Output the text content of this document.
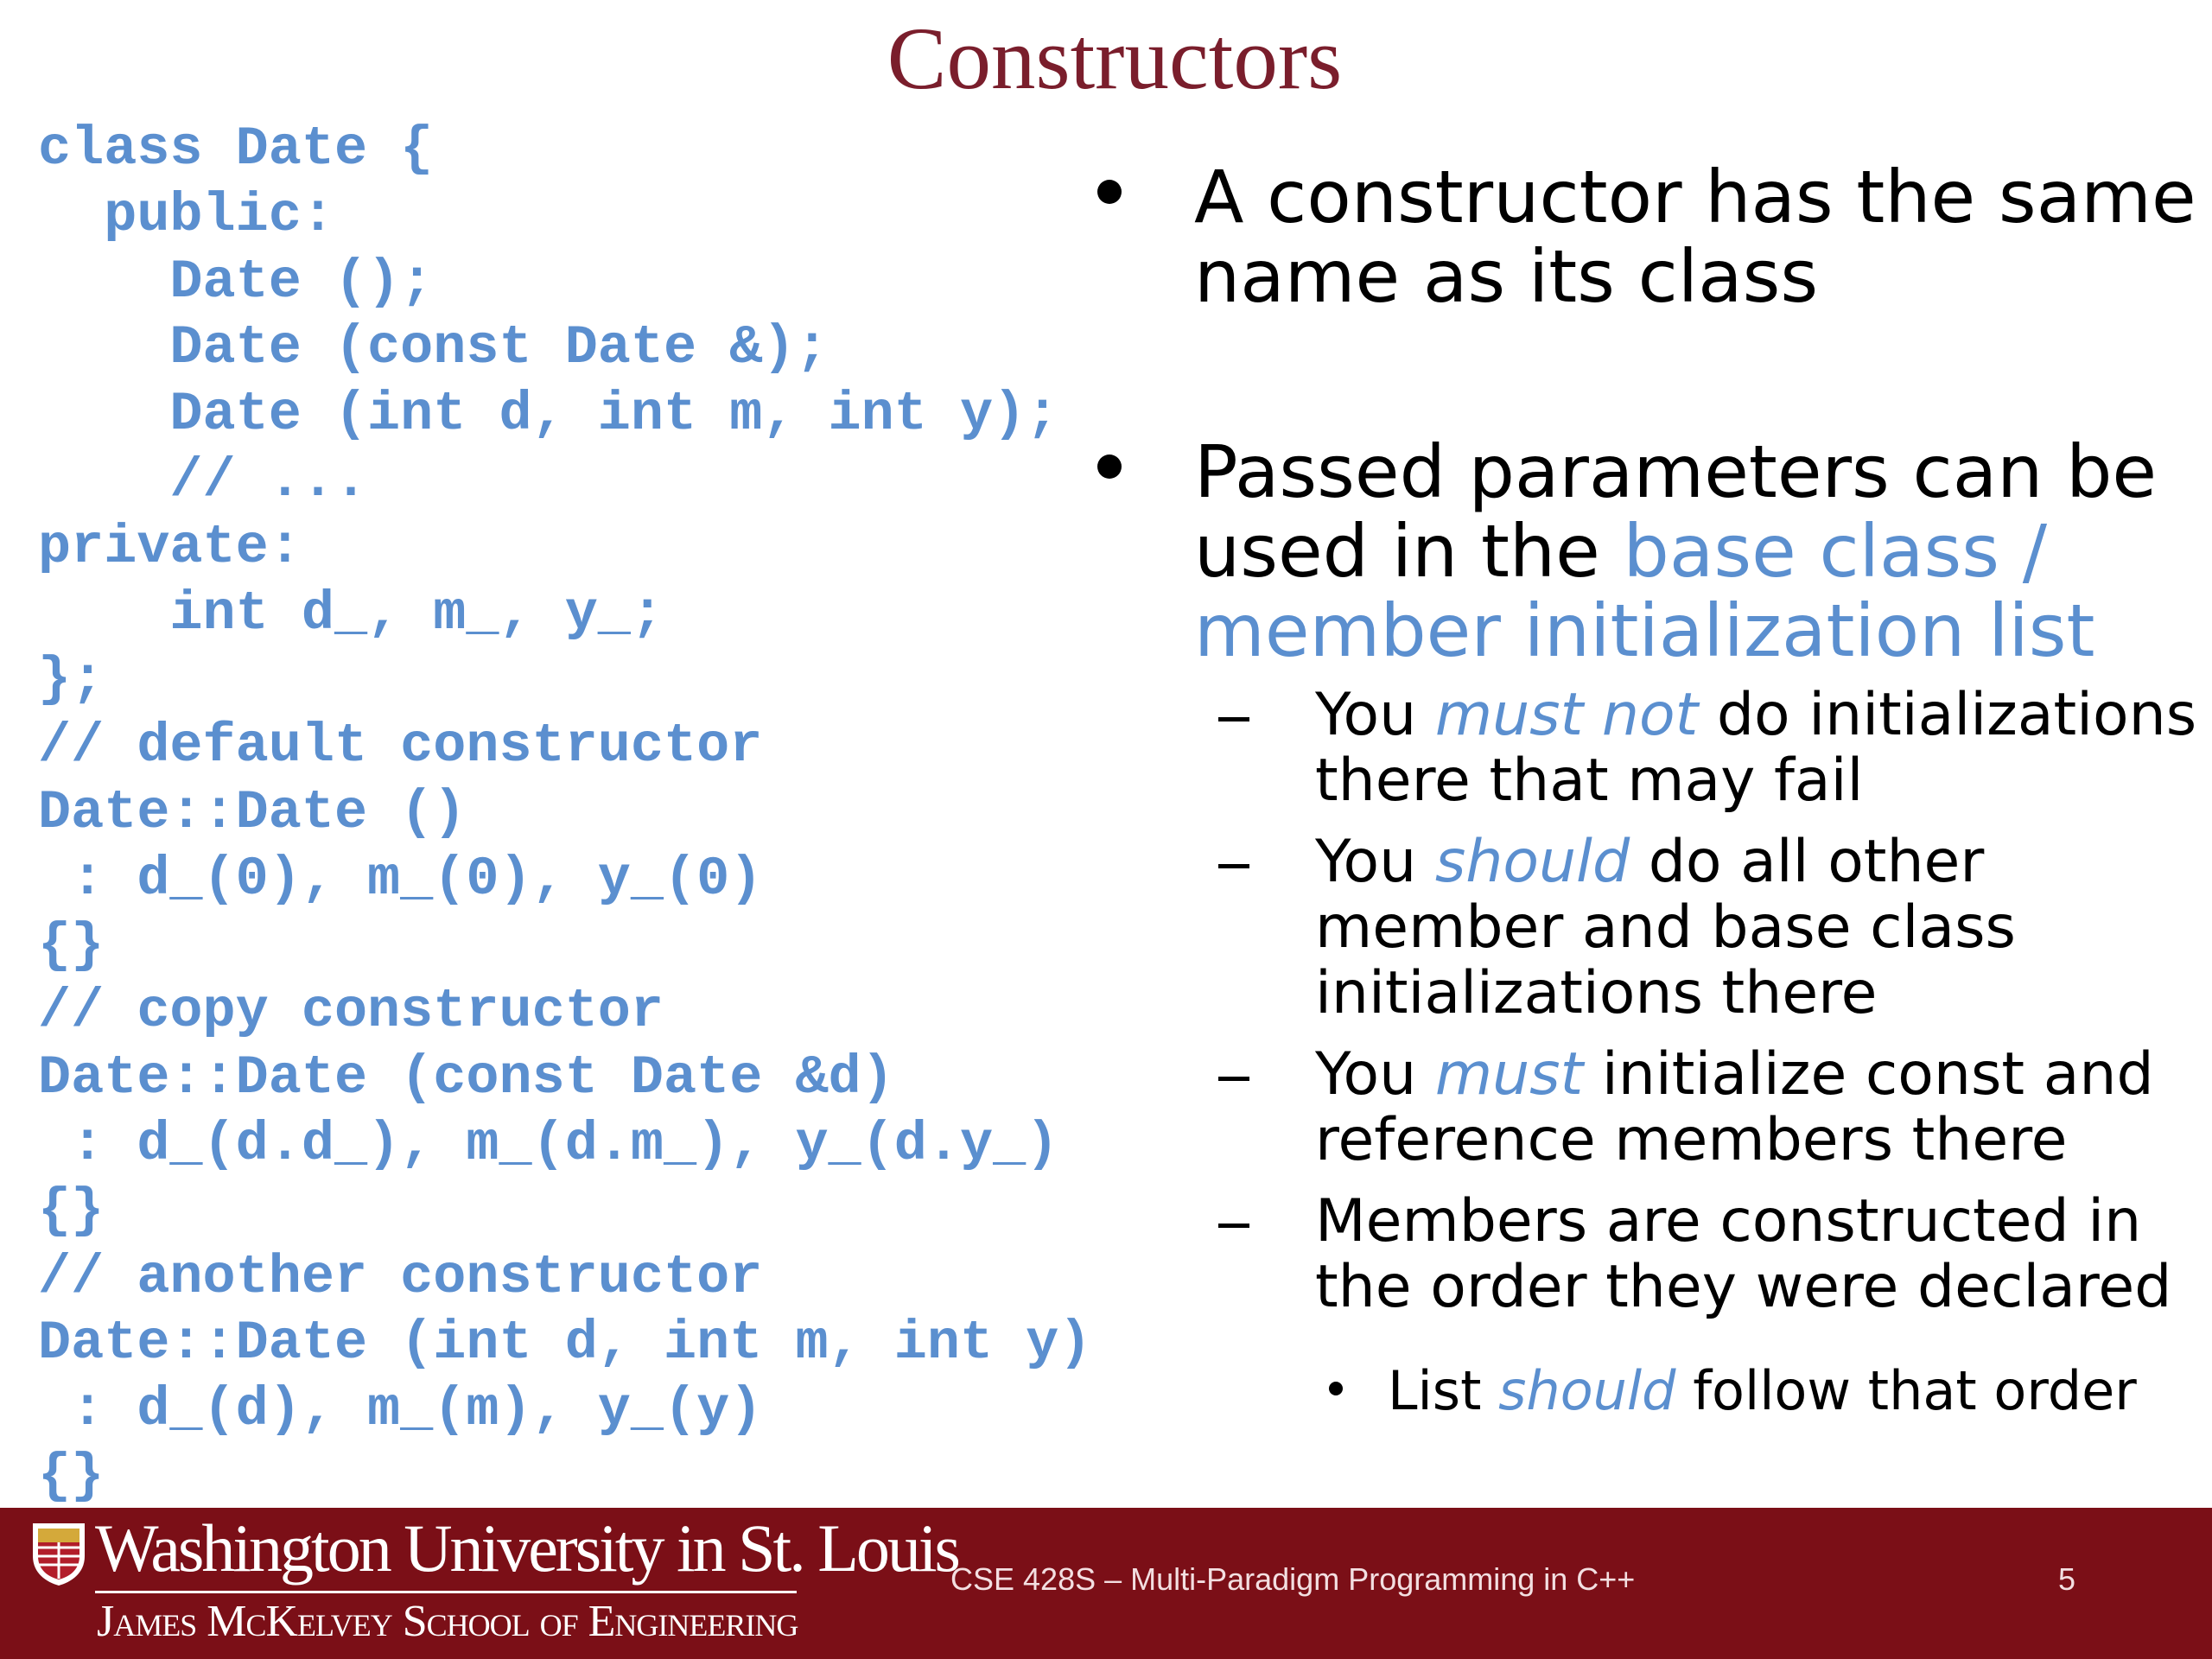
Constructors
class Date {
public:
Date ();
Date (const Date &);
Date (int d, int m, int y);
// ...
private:
int d_, m_, y_;
};
// default constructor
Date::Date ()
: d_(0), m_(0), y_(0)
{}
// copy constructor
Date::Date (const Date &d)
: d_(d.d_), m_(d.m_), y_(d.y_)
{}
// another constructor
Date::Date (int d, int m, int y)
: d_(d), m_(m), y_(y)
{}
A constructor has the same name as its class
Passed parameters can be used in the base class / member initialization list
You must not do initializations there that may fail
You should do all other member and base class initializations there
You must initialize const and reference members there
Members are constructed in the order they were declared
List should follow that order
Washington University in St. Louis
James McKelvey School of Engineering
CSE 428S – Multi-Paradigm Programming in C++	5
